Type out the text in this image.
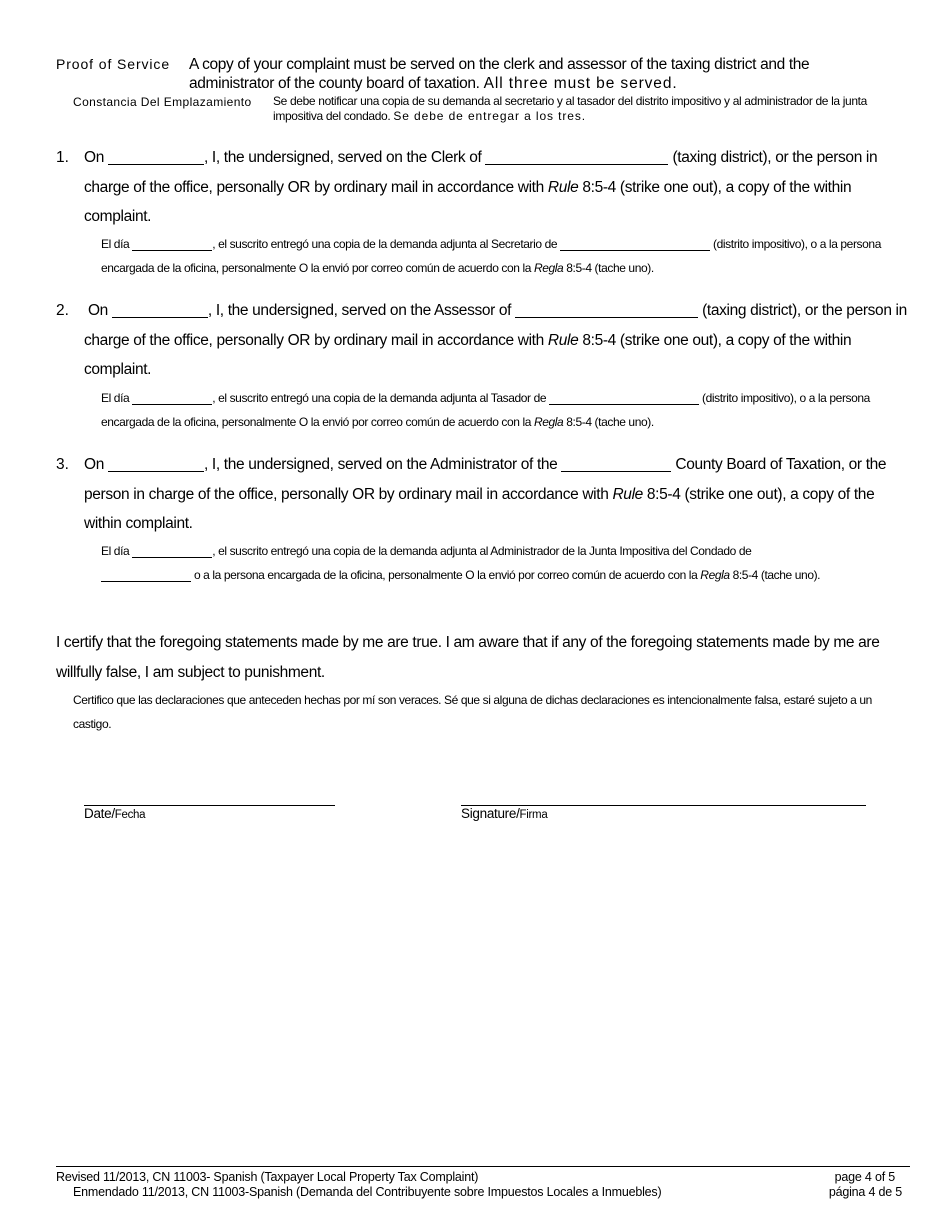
Proof of Service A copy of your complaint must be served on the clerk and assessor of the taxing district and the administrator of the county board of taxation. All three must be served.
Constancia Del Emplazamiento Se debe notificar una copia de su demanda al secretario y al tasador del distrito impositivo y al administrador de la junta impositiva del condado. Se debe de entregar a los tres.
1. On	, I, the undersigned, served on the Clerk of	(taxing district), or the person in charge of the office, personally OR by ordinary mail in accordance with Rule 8:5-4 (strike one out), a copy of the within complaint.
El día	, el suscrito entregó una copia de la demanda adjunta al Secretario de	(distrito impositivo), o a la persona encargada de la oficina, personalmente O la envió por correo común de acuerdo con la Regla 8:5-4 (tache uno).
2. On	, I, the undersigned, served on the Assessor of	(taxing district), or the person in charge of the office, personally OR by ordinary mail in accordance with Rule 8:5-4 (strike one out), a copy of the within complaint.
El día	, el suscrito entregó una copia de la demanda adjunta al Tasador de	(distrito impositivo), o a la persona encargada de la oficina, personalmente O la envió por correo común de acuerdo con la Regla 8:5-4 (tache uno).
3. On	, I, the undersigned, served on the Administrator of the	County Board of Taxation, or the person in charge of the office, personally OR by ordinary mail in accordance with Rule 8:5-4 (strike one out), a copy of the within complaint.
El día	, el suscrito entregó una copia de la demanda adjunta al Administrador de la Junta Impositiva del Condado de
o a la persona encargada de la oficina, personalmente O la envió por correo común de acuerdo con la Regla 8:5-4 (tache uno).
I certify that the foregoing statements made by me are true. I am aware that if any of the foregoing statements made by me are willfully false, I am subject to punishment.
Certifico que las declaraciones que anteceden hechas por mí son veraces. Sé que si alguna de dichas declaraciones es intencionalmente falsa, estaré sujeto a un castigo.
Date/Fecha	Signature/Firma
Revised 11/2013, CN 11003- Spanish (Taxpayer Local Property Tax Complaint)
Enmendado 11/2013, CN 11003-Spanish (Demanda del Contribuyente sobre Impuestos Locales a Inmuebles)
page 4 of 5
página 4 de 5
